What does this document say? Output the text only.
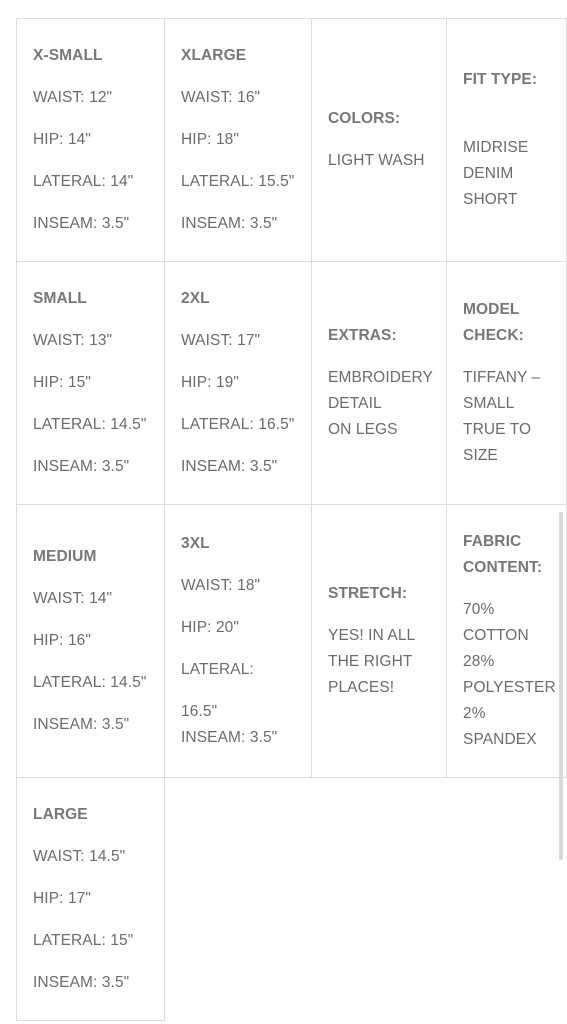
X-SMALL
WAIST: 12"
HIP: 14"
LATERAL: 14"
INSEAM: 3.5"
XLARGE
WAIST: 16"
HIP: 18"
LATERAL: 15.5"
INSEAM: 3.5"
COLORS:
LIGHT WASH
FIT TYPE:
MIDRISE
DENIM
SHORT
SMALL
WAIST: 13"
HIP: 15"
LATERAL: 14.5"
INSEAM: 3.5"
2XL
WAIST: 17"
HIP: 19"
LATERAL: 16.5"
INSEAM: 3.5"
EXTRAS:
EMBROIDERY
DETAIL
ON LEGS
MODEL
CHECK:
TIFFANY –
SMALL
TRUE TO
SIZE
MEDIUM
WAIST: 14"
HIP: 16"
LATERAL: 14.5"
INSEAM: 3.5"
3XL
WAIST: 18"
HIP: 20"
LATERAL:
16.5"
INSEAM: 3.5"
STRETCH:
YES! IN ALL
THE RIGHT
PLACES!
FABRIC
CONTENT:
70%
COTTON
28%
POLYESTER
2%
SPANDEX
LARGE
WAIST: 14.5"
HIP: 17"
LATERAL: 15"
INSEAM: 3.5"
